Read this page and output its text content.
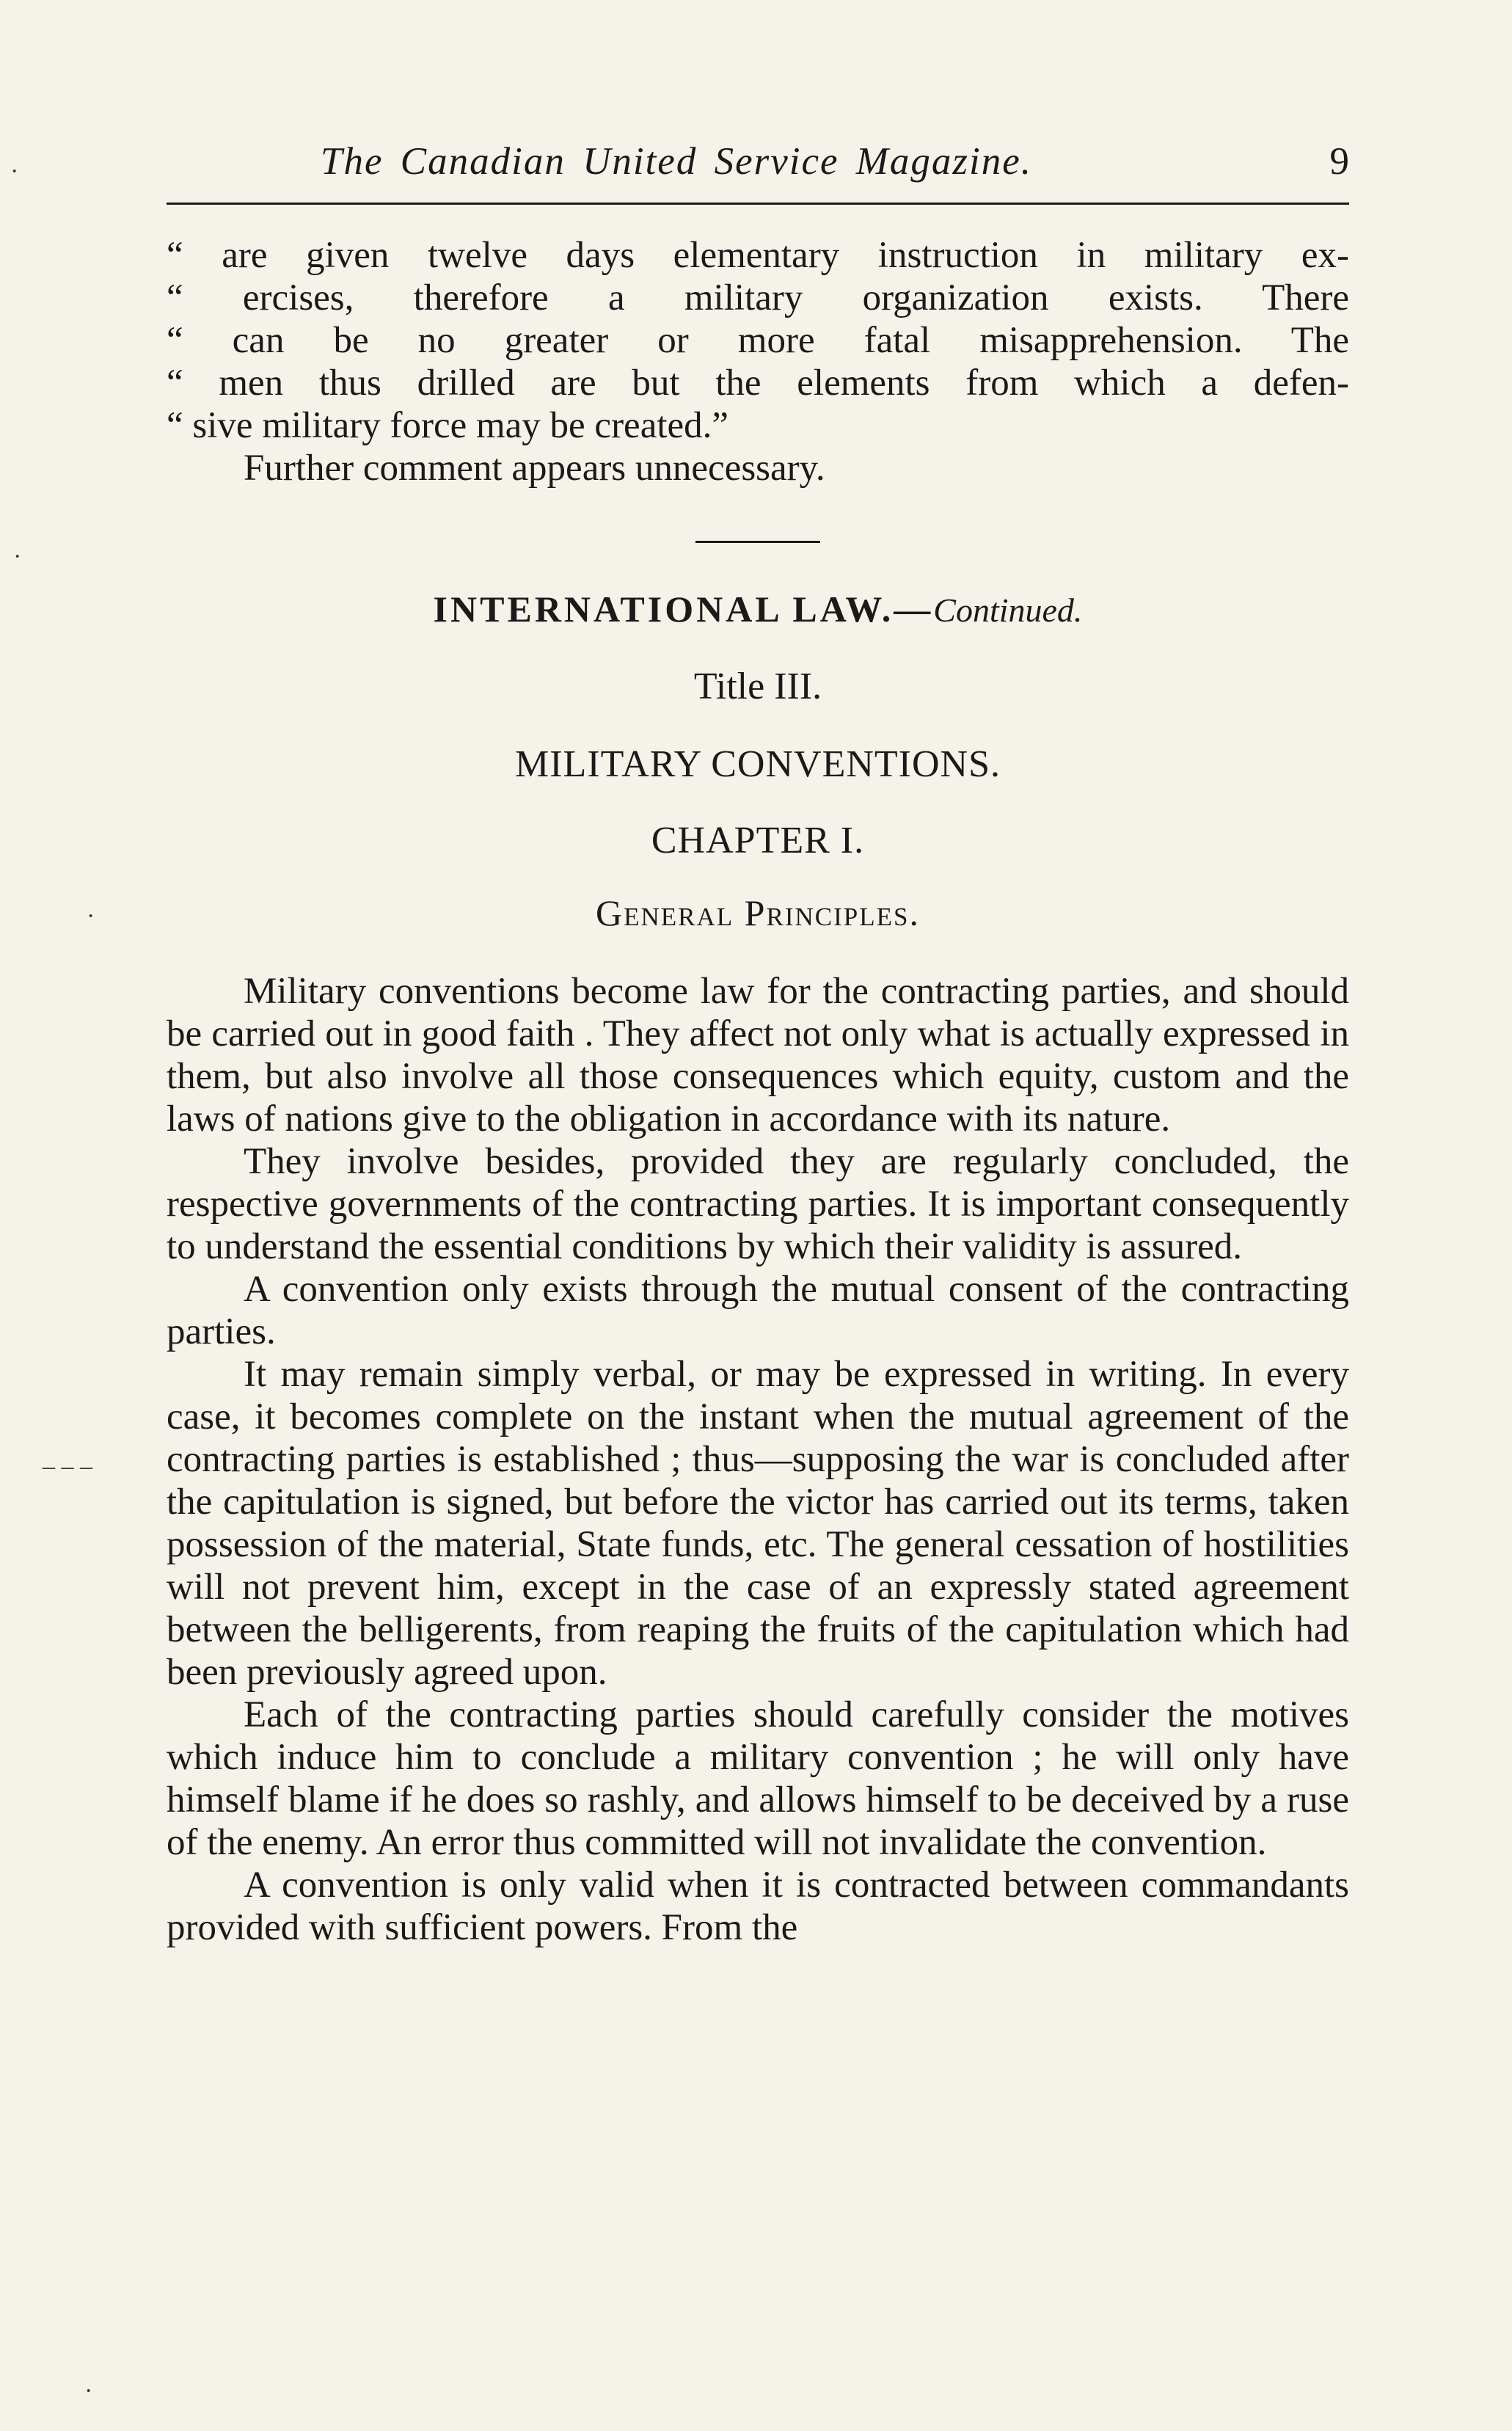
The Canadian United Service Magazine.	9
“ are given twelve days elementary instruction in military ex-
“ ercises, therefore a military organization exists. There
“ can be no greater or more fatal misapprehension. The
“ men thus drilled are but the elements from which a defen-
“ sive military force may be created.”

Further comment appears unnecessary.

INTERNATIONAL LAW.—Continued.

Title III.

MILITARY CONVENTIONS.

CHAPTER I.

General Principles.

Military conventions become law for the contracting parties, and should be carried out in good faith . They affect not only what is actually expressed in them, but also involve all those consequences which equity, custom and the laws of nations give to the obligation in accordance with its nature.

They involve besides, provided they are regularly concluded, the respective governments of the contracting parties. It is important consequently to understand the essential conditions by which their validity is assured.

A convention only exists through the mutual consent of the contracting parties.

It may remain simply verbal, or may be expressed in writing. In every case, it becomes complete on the instant when the mutual agreement of the contracting parties is established ; thus—supposing the war is concluded after the capitulation is signed, but before the victor has carried out its terms, taken possession of the material, State funds, etc. The general cessation of hostilities will not prevent him, except in the case of an expressly stated agreement between the belligerents, from reaping the fruits of the capitulation which had been previously agreed upon.

Each of the contracting parties should carefully consider the motives which induce him to conclude a military convention ; he will only have himself blame if he does so rashly, and allows himself to be deceived by a ruse of the enemy. An error thus committed will not invalidate the convention.

A convention is only valid when it is contracted between commandants provided with sufficient powers. From the

·
·
·
– – –
·
